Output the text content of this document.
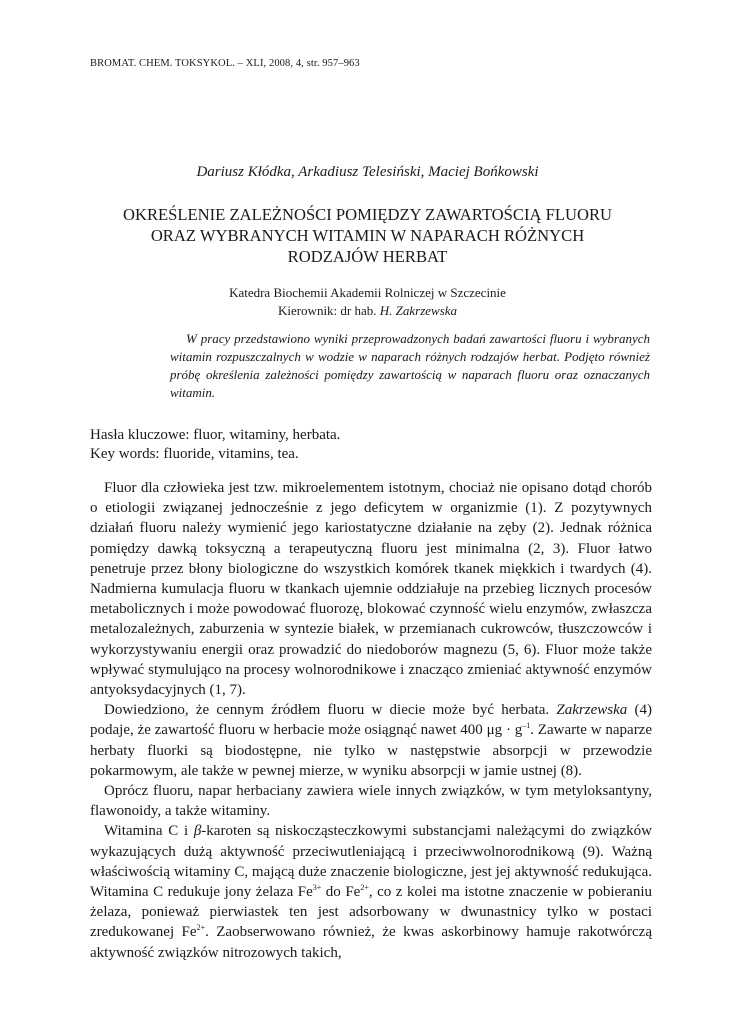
BROMAT. CHEM. TOKSYKOL. – XLI, 2008, 4, str. 957–963
Dariusz Kłódka, Arkadiusz Telesiński, Maciej Bońkowski
OKREŚLENIE ZALEŻNOŚCI POMIĘDZY ZAWARTOŚCIĄ FLUORU
ORAZ WYBRANYCH WITAMIN W NAPARACH RÓŻNYCH
RODZAJÓW HERBAT
Katedra Biochemii Akademii Rolniczej w Szczecinie
Kierownik: dr hab. H. Zakrzewska
W pracy przedstawiono wyniki przeprowadzonych badań zawartości fluoru i wybranych witamin rozpuszczalnych w wodzie w naparach różnych rodzajów herbat. Podjęto również próbę określenia zależności pomiędzy zawartością w naparach fluoru oraz oznaczanych witamin.
Hasła kluczowe: fluor, witaminy, herbata.
Key words: fluoride, vitamins, tea.

Fluor dla człowieka jest tzw. mikroelementem istotnym, chociaż nie opisano dotąd chorób o etiologii związanej jednocześnie z jego deficytem w organizmie (1). Z pozytywnych działań fluoru należy wymienić jego kariostatyczne działanie na zęby (2). Jednak różnica pomiędzy dawką toksyczną a terapeutyczną fluoru jest minimalna (2, 3). Fluor łatwo penetruje przez błony biologiczne do wszystkich komórek tkanek miękkich i twardych (4). Nadmierna kumulacja fluoru w tkankach ujemnie oddziałuje na przebieg licznych procesów metabolicznych i może powodować fluorozę, blokować czynność wielu enzymów, zwłaszcza metalozależnych, zaburzenia w syntezie białek, w przemianach cukrowców, tłuszczowców i wykorzystywaniu energii oraz prowadzić do niedoborów magnezu (5, 6). Fluor może także wpływać stymulująco na procesy wolnorodnikowe i znacząco zmieniać aktywność enzymów antyoksydacyjnych (1, 7).

Dowiedziono, że cennym źródłem fluoru w diecie może być herbata. Zakrzewska (4) podaje, że zawartość fluoru w herbacie może osiągnąć nawet 400 $\mu g \cdot g^{-1}$. Zawarte w naparze herbaty fluorki są biodostępne, nie tylko w następstwie absorpcji w przewodzie pokarmowym, ale także w pewnej mierze, w wyniku absorpcji w jamie ustnej (8).

Oprócz fluoru, napar herbaciany zawiera wiele innych związków, w tym metyloksantyny, flawonoidy, a także witaminy.

Witamina C i β-karoten są niskocząsteczkowymi substancjami należącymi do związków wykazujących dużą aktywność przeciwutleniającą i przeciwwolnorodnikową (9). Ważną właściwością witaminy C, mającą duże znaczenie biologiczne, jest jej aktywność redukująca. Witamina C redukuje jony żelaza $Fe^{3+}$ do $Fe^{2+}$, co z kolei ma istotne znaczenie w pobieraniu żelaza, ponieważ pierwiastek ten jest adsorbowany w dwunastnicy tylko w postaci zredukowanej $Fe^{2+}$. Zaobserwowano również, że kwas askorbinowy hamuje rakotwórczą aktywność związków nitrozowych takich,
